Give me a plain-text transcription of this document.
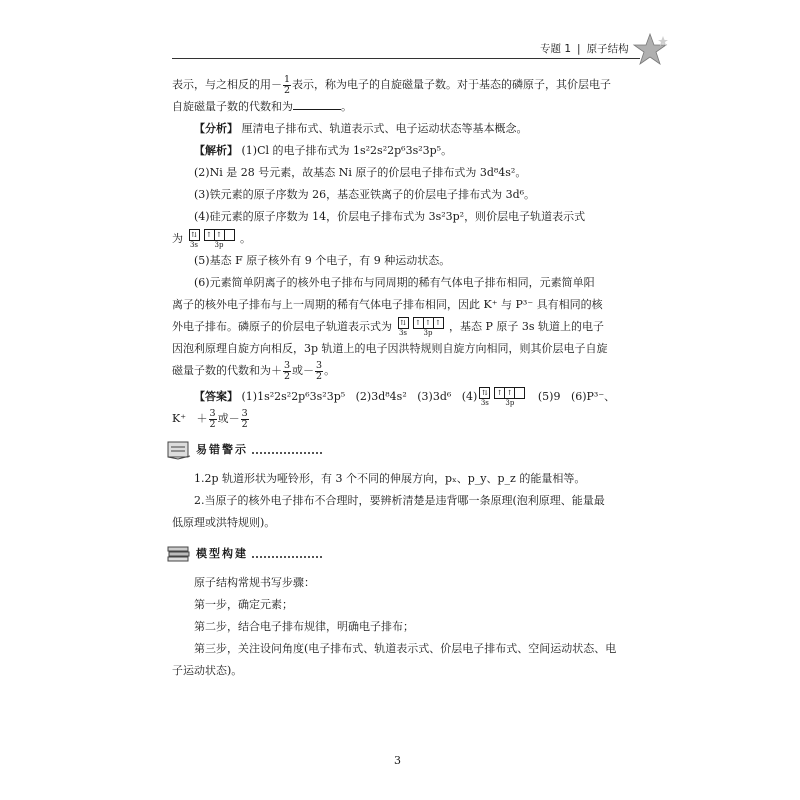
专题 1 | 原子结构
表示，与之相反的用－ $\frac{1}{2}$ 表示，称为电子的自旋磁量子数。对于基态的磷原子，其价层电子
自旋磁量子数的代数和为	。
【分析】 厘清电子排布式、轨道表示式、电子运动状态等基本概念。
【解析】 (1)Cl 的电子排布式为 1s²2s²2p⁶3s²3p⁵。
(2)Ni 是 28 号元素，故基态 Ni 原子的价层电子排布式为 3d⁸4s²。
(3)铁元素的原子序数为 26，基态亚铁离子的价层电子排布式为 3d⁶。
(4)硅元素的原子序数为 14，价层电子排布式为 3s²3p²，则价层电子轨道表示式
为	⇅
3s
↑ ↑
3p 。
(5)基态 F 原子核外有 9 个电子，有 9 种运动状态。
(6)元素简单阴离子的核外电子排布与同周期的稀有气体电子排布相同，元素简单阳
离子的核外电子排布与上一周期的稀有气体电子排布相同，因此 K⁺ 与 P³⁻ 具有相同的核
外电子排布。磷原子的价层电子轨道表示式为	⇅
3s
↑ ↑ ↑
3p ，基态 P 原子 3s 轨道上的电子
因泡利原理自旋方向相反，3p 轨道上的电子因洪特规则自旋方向相同，则其价层电子自旋
磁量子数的代数和为＋ $\frac{3}{2}$ 或－ $\frac{3}{2}$ 。
【答案】 (1)1s²2s²2p⁶3s²3p⁵ (2)3d⁸4s² (3)3d⁶ (4) ⇅
3s
↑ ↑
3p (5)9 (6)P³⁻、
$K^+ + \frac{3}{2}$ 或－ $\frac{3}{2}$
易错警示
1.2p 轨道形状为哑铃形，有 3 个不同的伸展方向，pₓ、p_y、p_z 的能量相等。
2.当原子的核外电子排布不合理时，要辨析清楚是违背哪一条原理(泡利原理、能量最
低原理或洪特规则)。
模型构建
原子结构常规书写步骤：
第一步，确定元素；
第二步，结合电子排布规律，明确电子排布；
第三步，关注设问角度(电子排布式、轨道表示式、价层电子排布式、空间运动状态、电
子运动状态)。
3
